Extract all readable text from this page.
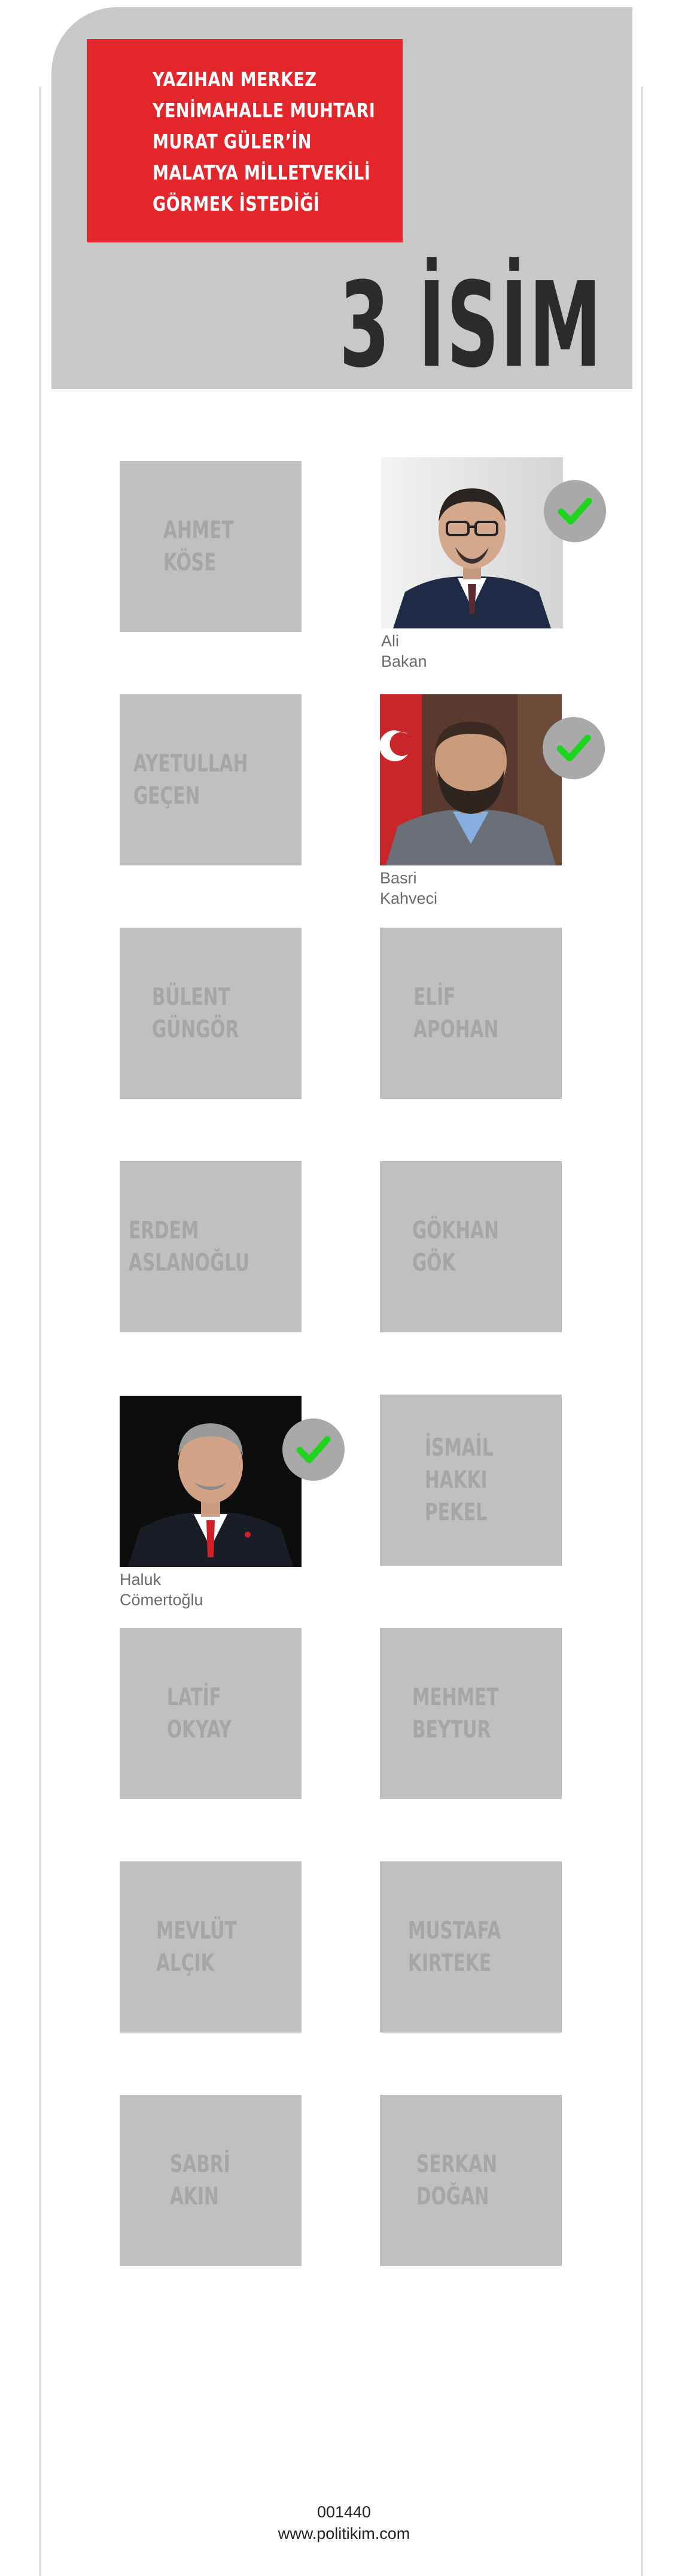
YAZIHAN MERKEZ
YENİMAHALLE MUHTARI
MURAT GÜLER’İN
MALATYA MİLLETVEKİLİ
GÖRMEK İSTEDİĞİ
3 İSİM
AHMET
KÖSE
Ali
Bakan
AYETULLAH
GEÇEN
Basri
Kahveci
BÜLENT
GÜNGÖR
ELİF
APOHAN
ERDEM
ASLANOĞLU
GÖKHAN
GÖK
Haluk
Cömertoğlu
İSMAİL
HAKKI
PEKEL
LATİF
OKYAY
MEHMET
BEYTUR
MEVLÜT
ALÇIK
MUSTAFA
KIRTEKE
SABRİ
AKIN
SERKAN
DOĞAN
001440
www.politikim.com
